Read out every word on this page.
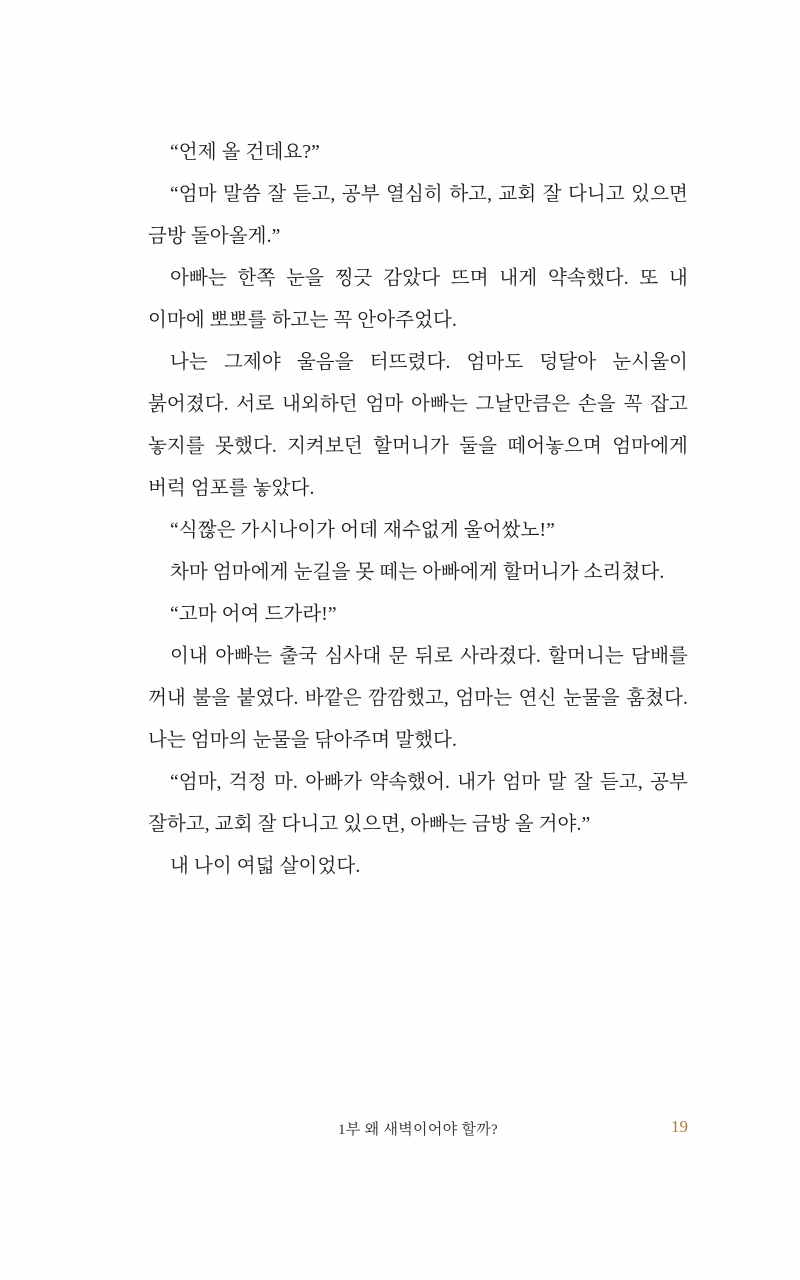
“언제 올 건데요?”

“엄마 말씀 잘 듣고, 공부 열심히 하고, 교회 잘 다니고 있으면 금방 돌아올게.”

아빠는 한쪽 눈을 찡긋 감았다 뜨며 내게 약속했다. 또 내 이마에 뽀뽀를 하고는 꼭 안아주었다.

나는 그제야 울음을 터뜨렸다. 엄마도 덩달아 눈시울이 붉어졌다. 서로 내외하던 엄마 아빠는 그날만큼은 손을 꼭 잡고 놓지를 못했다. 지켜보던 할머니가 둘을 떼어놓으며 엄마에게 버럭 엄포를 놓았다.

“식짢은 가시나이가 어데 재수없게 울어쌌노!”

차마 엄마에게 눈길을 못 떼는 아빠에게 할머니가 소리쳤다.

“고마 어여 드가라!”

이내 아빠는 출국 심사대 문 뒤로 사라졌다. 할머니는 담배를 꺼내 불을 붙였다. 바깥은 깜깜했고, 엄마는 연신 눈물을 훔쳤다. 나는 엄마의 눈물을 닦아주며 말했다.

“엄마, 걱정 마. 아빠가 약속했어. 내가 엄마 말 잘 듣고, 공부 잘하고, 교회 잘 다니고 있으면, 아빠는 금방 올 거야.”

내 나이 여덟 살이었다.

1부 왜 새벽이어야 할까?	19
